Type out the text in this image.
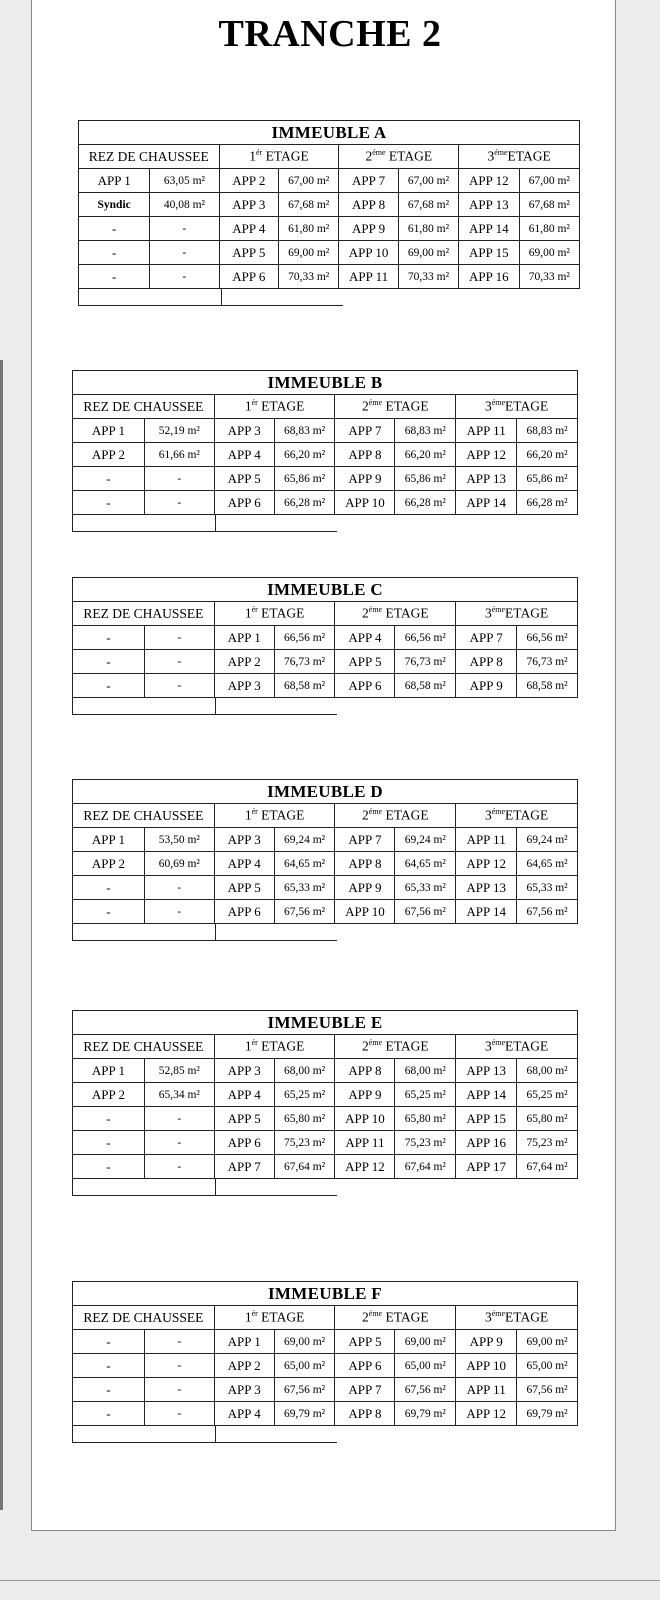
TRANCHE 2
IMMEUBLE A							
REZ DE CHAUSSEE		$1^{ér}$ ETAGE		$2^{éme}$ ETAGE		$3^{éme}ETAGE$	
APP 1	63,05 m²	APP 2	67,00 m²	APP 7	67,00 m²	APP 12	67,00 m²
Syndic	40,08 m²	APP 3	67,68 m²	APP 8	67,68 m²	APP 13	67,68 m²
-	-	APP 4	61,80 m²	APP 9	61,80 m²	APP 14	61,80 m²
-	-	APP 5	69,00 m²	APP 10	69,00 m²	APP 15	69,00 m²
-	-	APP 6	70,33 m²	APP 11	70,33 m²	APP 16	70,33 m²
IMMEUBLE B							
REZ DE CHAUSSEE		$1^{ér}$ ETAGE		$2^{éme}$ ETAGE		$3^{éme}ETAGE$	
APP 1	52,19 m²	APP 3	68,83 m²	APP 7	68,83 m²	APP 11	68,83 m²
APP 2	61,66 m²	APP 4	66,20 m²	APP 8	66,20 m²	APP 12	66,20 m²
-	-	APP 5	65,86 m²	APP 9	65,86 m²	APP 13	65,86 m²
-	-	APP 6	66,28 m²	APP 10	66,28 m²	APP 14	66,28 m²
IMMEUBLE C							
REZ DE CHAUSSEE		$1^{ér}$ ETAGE		$2^{éme}$ ETAGE		$3^{éme}ETAGE$	
-	-	APP 1	66,56 m²	APP 4	66,56 m²	APP 7	66,56 m²
-	-	APP 2	76,73 m²	APP 5	76,73 m²	APP 8	76,73 m²
-	-	APP 3	68,58 m²	APP 6	68,58 m²	APP 9	68,58 m²
IMMEUBLE D							
REZ DE CHAUSSEE		$1^{ér}$ ETAGE		$2^{éme}$ ETAGE		$3^{éme}ETAGE$	
APP 1	53,50 m²	APP 3	69,24 m²	APP 7	69,24 m²	APP 11	69,24 m²
APP 2	60,69 m²	APP 4	64,65 m²	APP 8	64,65 m²	APP 12	64,65 m²
-	-	APP 5	65,33 m²	APP 9	65,33 m²	APP 13	65,33 m²
-	-	APP 6	67,56 m²	APP 10	67,56 m²	APP 14	67,56 m²
IMMEUBLE E							
REZ DE CHAUSSEE		$1^{ér}$ ETAGE		$2^{éme}$ ETAGE		$3^{éme}ETAGE$	
APP 1	52,85 m²	APP 3	68,00 m²	APP 8	68,00 m²	APP 13	68,00 m²
APP 2	65,34 m²	APP 4	65,25 m²	APP 9	65,25 m²	APP 14	65,25 m²
-	-	APP 5	65,80 m²	APP 10	65,80 m²	APP 15	65,80 m²
-	-	APP 6	75,23 m²	APP 11	75,23 m²	APP 16	75,23 m²
-	-	APP 7	67,64 m²	APP 12	67,64 m²	APP 17	67,64 m²
IMMEUBLE F							
REZ DE CHAUSSEE		$1^{ér}$ ETAGE		$2^{éme}$ ETAGE		$3^{éme}ETAGE$	
-	-	APP 1	69,00 m²	APP 5	69,00 m²	APP 9	69,00 m²
-	-	APP 2	65,00 m²	APP 6	65,00 m²	APP 10	65,00 m²
-	-	APP 3	67,56 m²	APP 7	67,56 m²	APP 11	67,56 m²
-	-	APP 4	69,79 m²	APP 8	69,79 m²	APP 12	69,79 m²
